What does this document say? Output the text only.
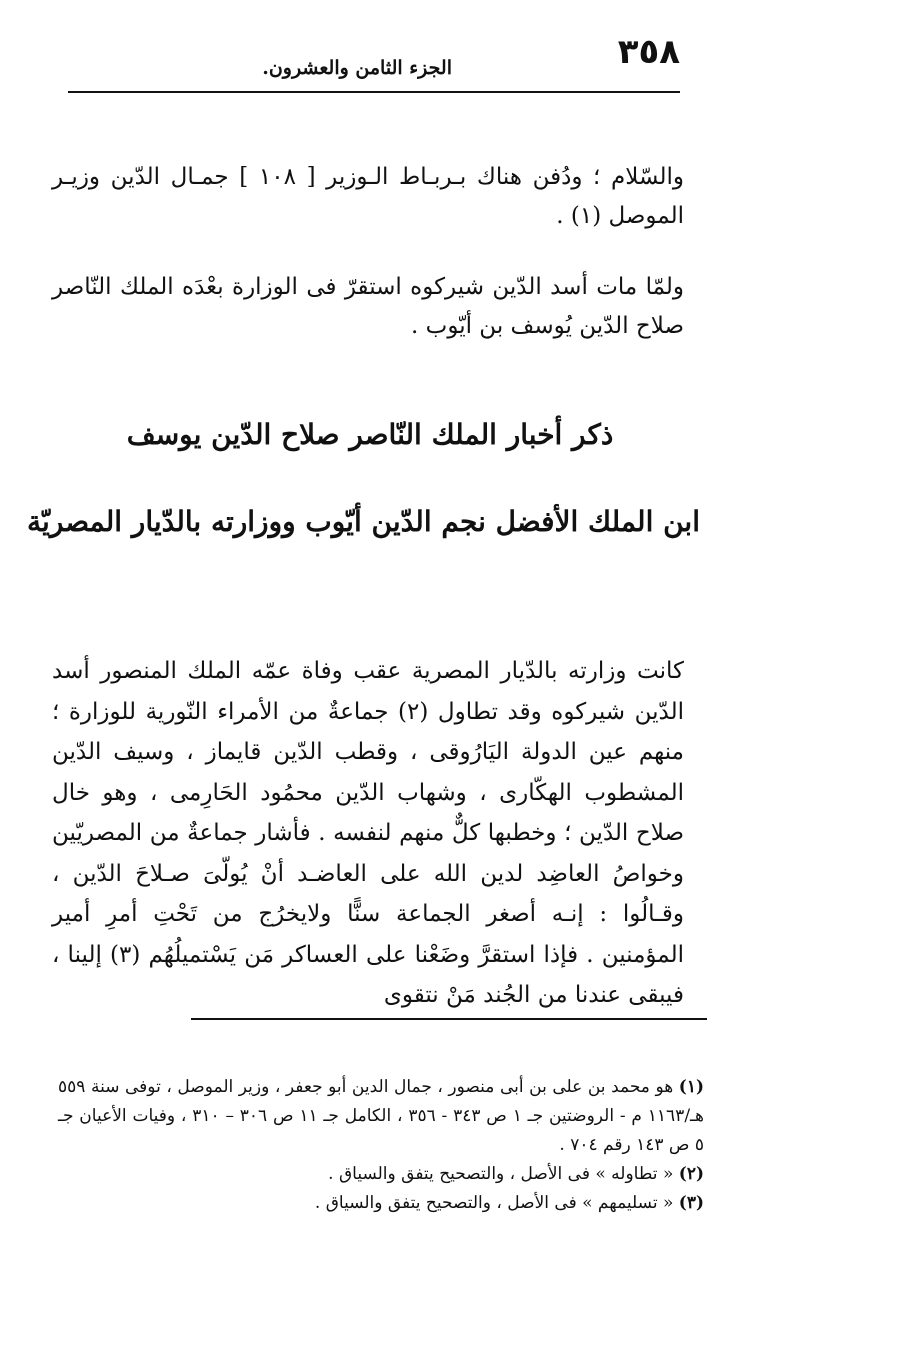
٣٥٨
الجزء الثامن والعشرون.

والسّلام ؛ ودُفن هناك بـربـاط الـوزير [ ١٠٨ ] جمـال الدّين وزيـر الموصل (١) .

ولمّا مات أسد الدّين شيركوه استقرّ فى الوزارة بعْدَه الملك النّاصر صلاح الدّين يُوسف بن أيّوب .

ذكر أخبار الملك النّاصر صلاح الدّين يوسف
ابن الملك الأفضل نجم الدّين أيّوب ووزارته بالدّيار المصريّة

كانت وزارته بالدّيار المصرية عقب وفاة عمّه الملك المنصور أسد الدّين شيركوه وقد تطاول (٢) جماعةٌ من الأمراء النّورية للوزارة ؛ منهم عين الدولة اليَارُوقى ، وقطب الدّين قايماز ، وسيف الدّين المشطوب الهكّارى ، وشهاب الدّين محمُود الحَارِمى ، وهو خال صلاح الدّين ؛ وخطبها كلٌّ منهم لنفسه . فأشار جماعةٌ من المصريّين وخواصُ العاضِد لدين الله على العاضـد أنْ يُولّىَ صـلاحَ الدّين ، وقـالُوا : إنـه أصغر الجماعة سنًّا ولايخرُج من تَحْتِ أمرِ أمير المؤمنين . فإذا استقرَّ وضَعْنا على العساكر مَن يَسْتميلُهُم (٣) إلينا ، فيبقى عندنا من الجُند مَنْ نتقوى

(١) هو محمد بن على بن أبى منصور ، جمال الدين أبو جعفر ، وزير الموصل ، توفى سنة ٥٥٩ هـ/١١٦٣ م - الروضتين جـ ١ ص ٣٤٣ - ٣٥٦ ، الكامل جـ ١١ ص ٣٠٦ – ٣١٠ ، وفيات الأعيان جـ ٥ ص ١٤٣ رقم ٧٠٤ .
(٢) « تطاوله » فى الأصل ، والتصحيح يتفق والسياق .
(٣) « تسليمهم » فى الأصل ، والتصحيح يتفق والسياق .
